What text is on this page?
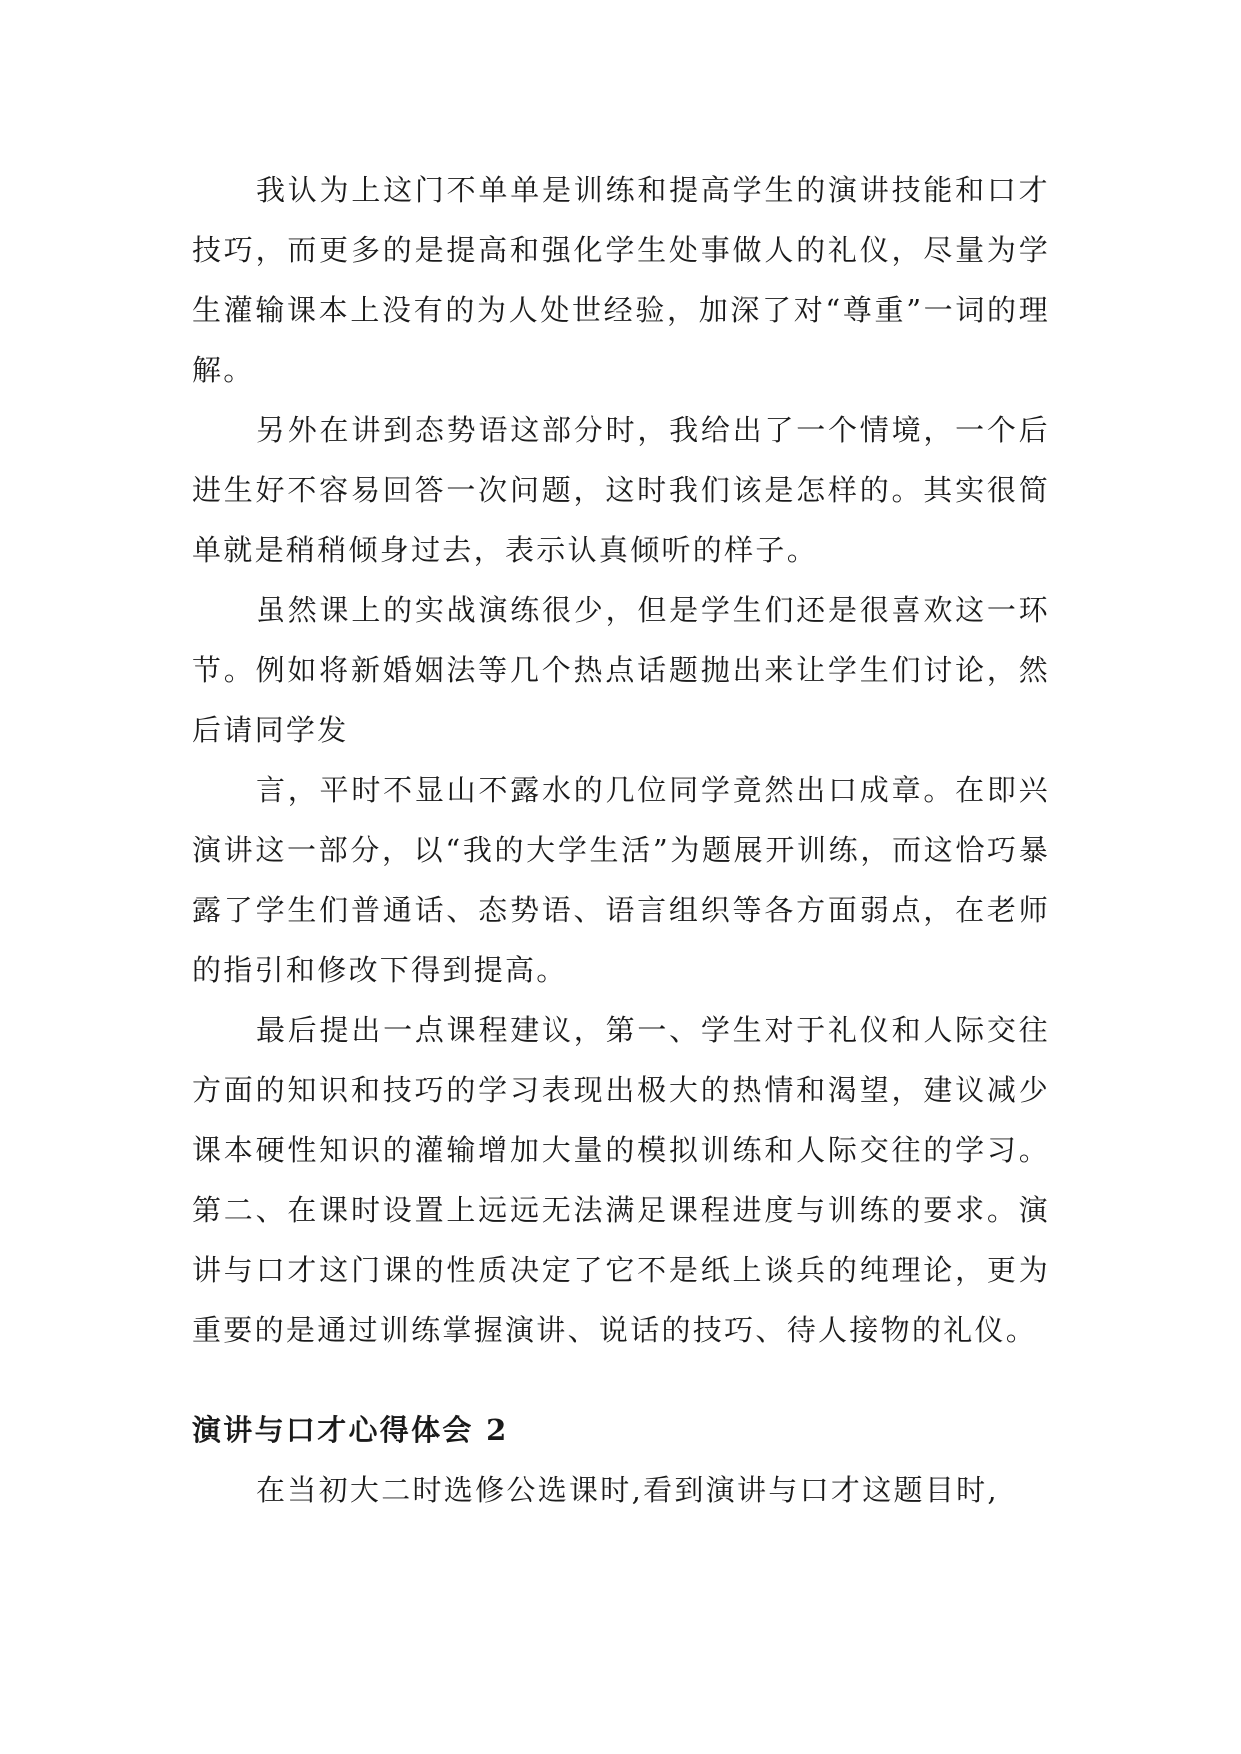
我认为上这门不单单是训练和提高学生的演讲技能和口才技巧，而更多的是提高和强化学生处事做人的礼仪，尽量为学生灌输课本上没有的为人处世经验，加深了对“尊重”一词的理解。

另外在讲到态势语这部分时，我给出了一个情境，一个后进生好不容易回答一次问题，这时我们该是怎样的。其实很简单就是稍稍倾身过去，表示认真倾听的样子。

虽然课上的实战演练很少，但是学生们还是很喜欢这一环节。例如将新婚姻法等几个热点话题抛出来让学生们讨论，然后请同学发

言，平时不显山不露水的几位同学竟然出口成章。在即兴演讲这一部分，以“我的大学生活”为题展开训练，而这恰巧暴露了学生们普通话、态势语、语言组织等各方面弱点，在老师的指引和修改下得到提高。

最后提出一点课程建议，第一、学生对于礼仪和人际交往方面的知识和技巧的学习表现出极大的热情和渴望，建议减少课本硬性知识的灌输增加大量的模拟训练和人际交往的学习。第二、在课时设置上远远无法满足课程进度与训练的要求。演讲与口才这门课的性质决定了它不是纸上谈兵的纯理论，更为重要的是通过训练掌握演讲、说话的技巧、待人接物的礼仪。

演讲与口才心得体会 2

在当初大二时选修公选课时,看到演讲与口才这题目时,
